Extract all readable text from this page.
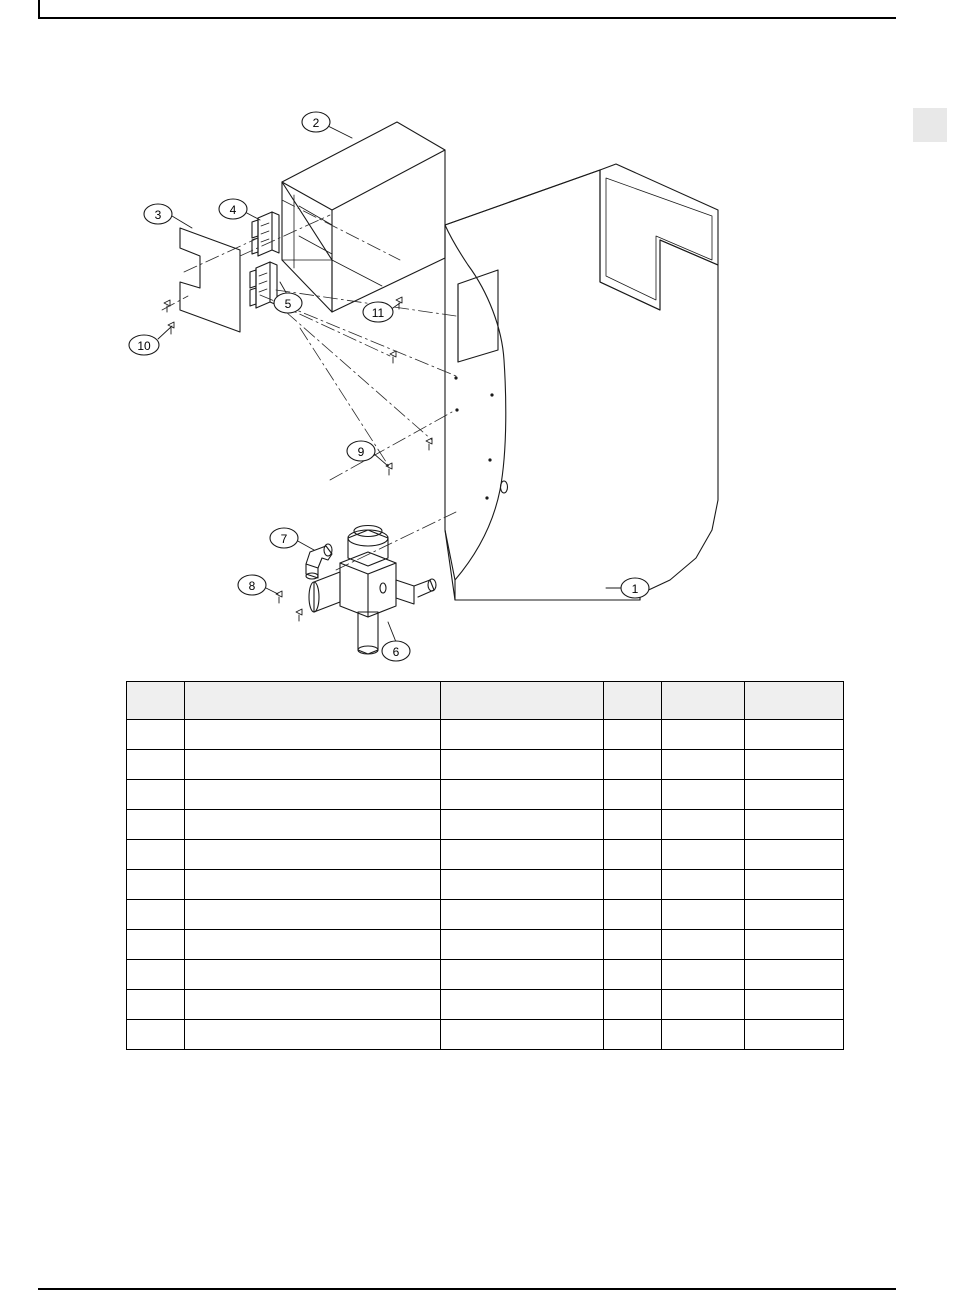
2
3	4
5
6
7
8
9
10
11
1
